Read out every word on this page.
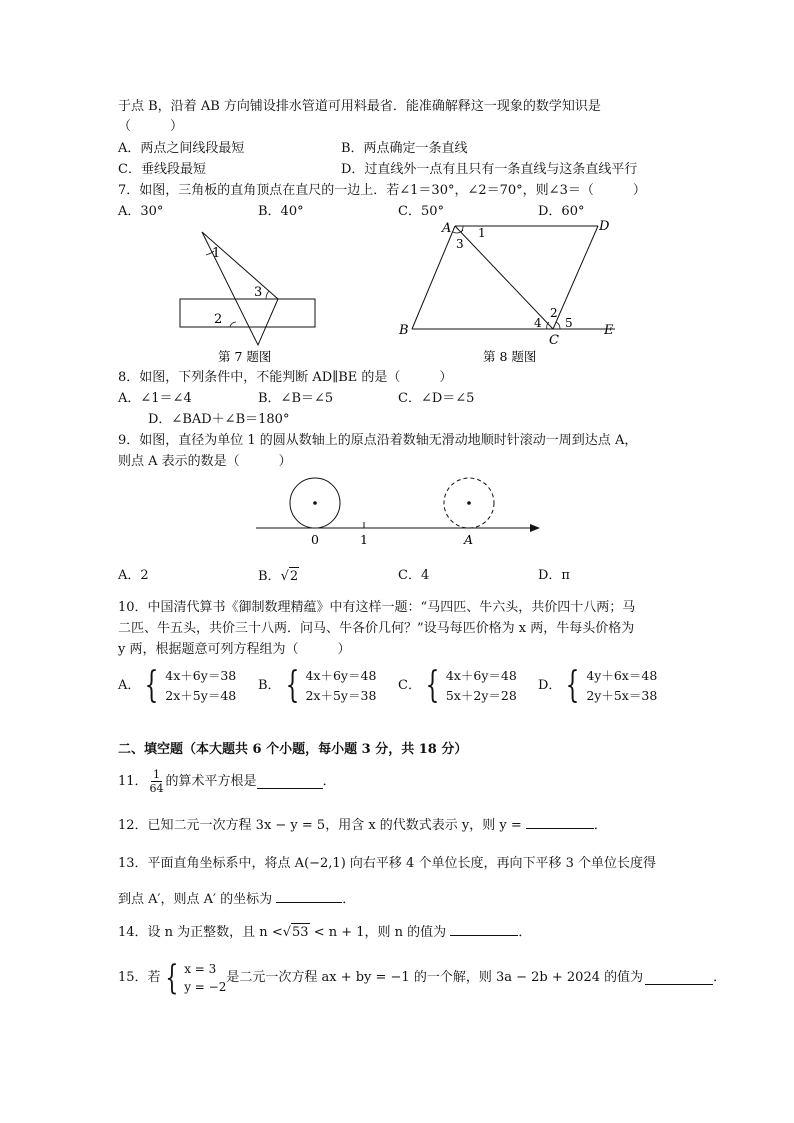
于点 B，沿着 AB 方向铺设排水管道可用料最省．能准确解释这一现象的数学知识是
（　　　）
A．两点之间线段最短	B．两点确定一条直线
C．垂线段最短	D．过直线外一点有且只有一条直线与这条直线平行
7．如图，三角板的直角顶点在直尺的一边上．若∠1＝30°，∠2＝70°，则∠3＝（　　　）
A．30°	B．40°	C．50°	D．60°
1
2
3
第 7 题图
A	D
B
C
E
1
3
2
4 5
第 8 题图
8．如图，下列条件中，不能判断 AD∥BE 的是（　　　）
A．∠1＝∠4	B．∠B＝∠5	C．∠D＝∠5
D．∠BAD＋∠B＝180°
9．如图，直径为单位 1 的圆从数轴上的原点沿着数轴无滑动地顺时针滚动一周到达点 A，
则点 A 表示的数是（　　　）
0	1	A
A．2	B．√2	C．4	D．π
10．中国清代算书《御制数理精蕴》中有这样一题：“马四匹、牛六头，共价四十八两；马
二匹、牛五头，共价三十八两．问马、牛各价几何？”设马每匹价格为 x 两，牛每头价格为
y 两，根据题意可列方程组为（　　　）
A． { 4x＋6y＝38
2x＋5y＝48
B． { 4x＋6y＝48
2x＋5y＝38
C． { 4x＋6y＝48
5x＋2y＝28
D． { 4y＋6x＝48
2y＋5x＝38
二、填空题（本大题共 6 个小题，每小题 3 分，共 18 分）
11． $\frac{1}{64}$ 的算术平方根是	．
12．已知二元一次方程 3x − y = 5，用含 x 的代数式表示 y，则 y =	．
13．平面直角坐标系中，将点 A(−2,1) 向右平移 4 个单位长度，再向下平移 3 个单位长度得
到点 A′，则点 A′ 的坐标为	．
14．设 n 为正整数，且 n <√53 < n + 1，则 n 的值为	．
15．若 { x = 3
y = −2
是二元一次方程 ax + by = −1 的一个解，则 3a − 2b + 2024 的值为	．
